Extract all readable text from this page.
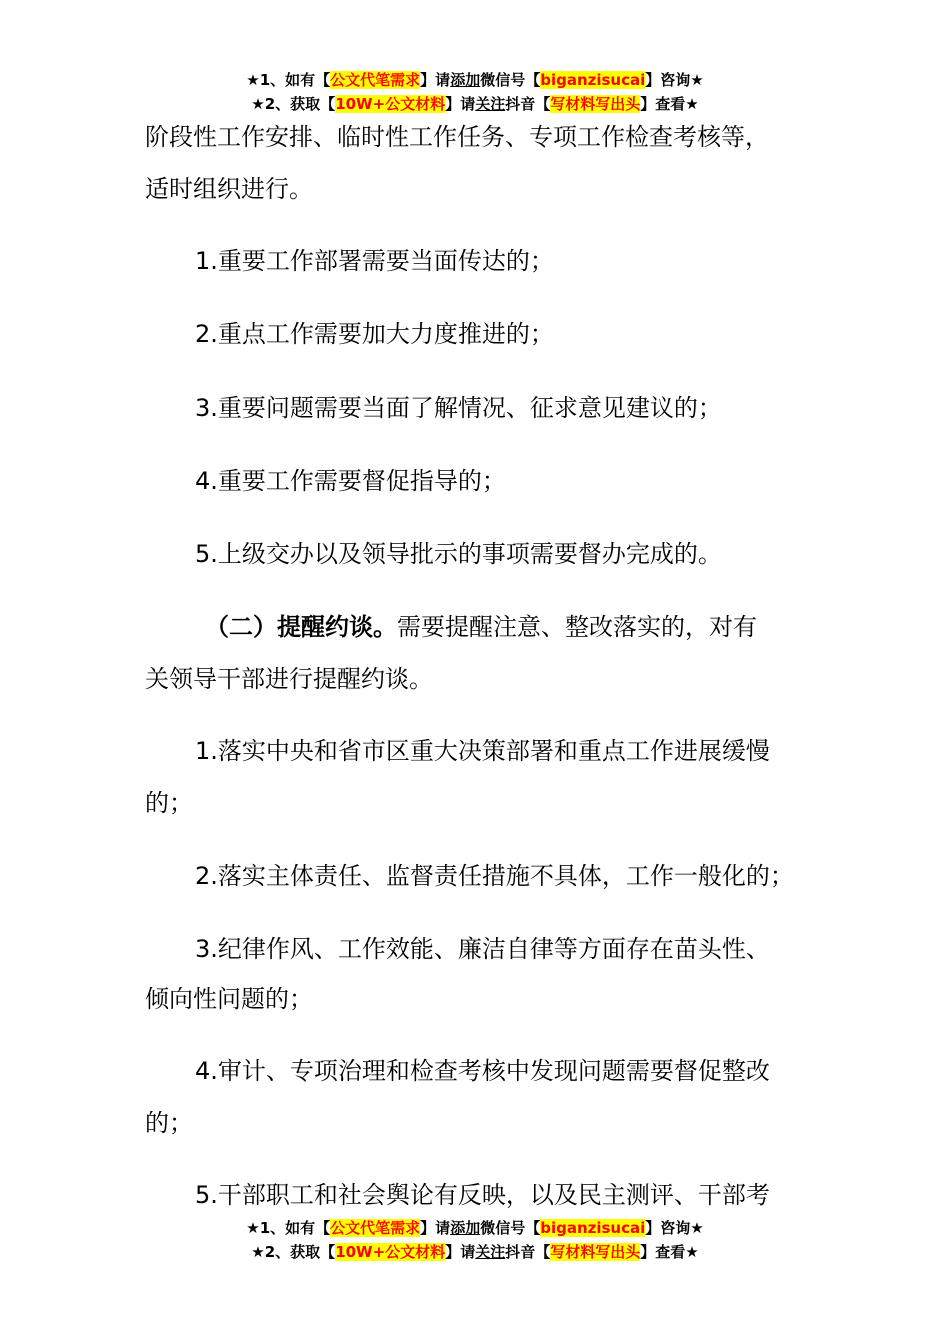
★1、如有【公文代笔需求】请添加微信号【biganzisucai】咨询★
★2、获取【10W+公文材料】请关注抖音【写材料写出头】查看★
阶段性工作安排、临时性工作任务、专项工作检查考核等，
适时组织进行。
1.重要工作部署需要当面传达的；
2.重点工作需要加大力度推进的；
3.重要问题需要当面了解情况、征求意见建议的；
4.重要工作需要督促指导的；
5.上级交办以及领导批示的事项需要督办完成的。
（二）提醒约谈。需要提醒注意、整改落实的，对有
关领导干部进行提醒约谈。
1.落实中央和省市区重大决策部署和重点工作进展缓慢
的；
2.落实主体责任、监督责任措施不具体，工作一般化的；
3.纪律作风、工作效能、廉洁自律等方面存在苗头性、
倾向性问题的；
4.审计、专项治理和检查考核中发现问题需要督促整改
的；
5.干部职工和社会舆论有反映，以及民主测评、干部考
★1、如有【公文代笔需求】请添加微信号【biganzisucai】咨询★
★2、获取【10W+公文材料】请关注抖音【写材料写出头】查看★
